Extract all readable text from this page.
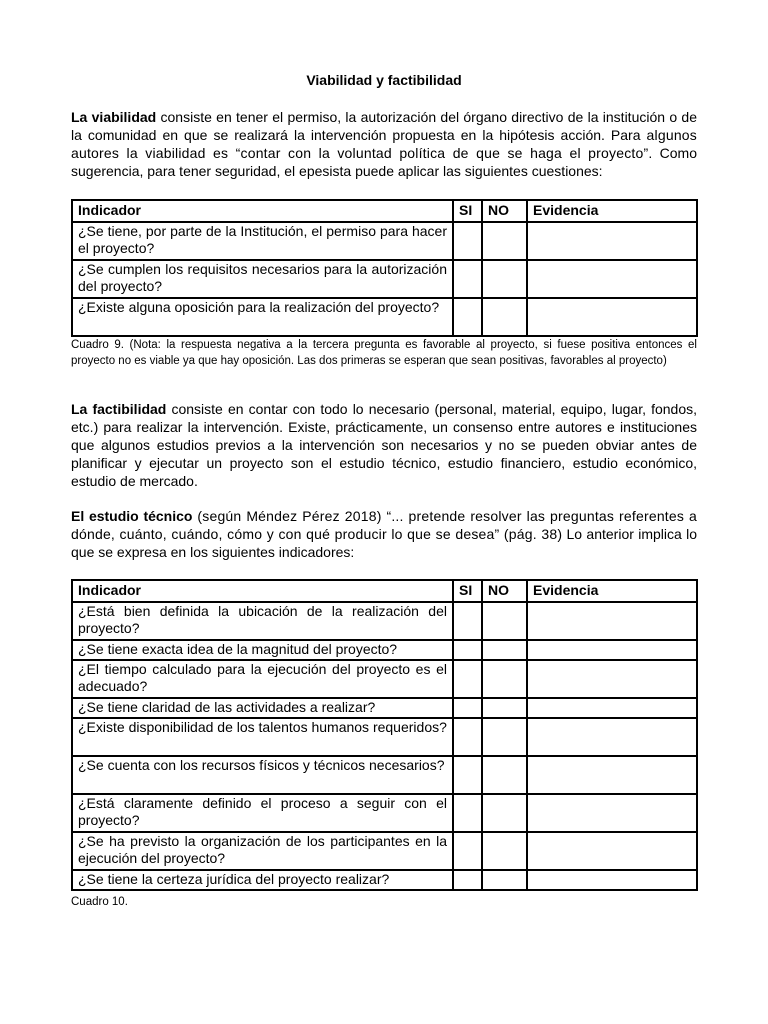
Viabilidad y factibilidad

La viabilidad consiste en tener el permiso, la autorización del órgano directivo de la institución o de la comunidad en que se realizará la intervención propuesta en la hipótesis acción. Para algunos autores la viabilidad es “contar con la voluntad política de que se haga el proyecto”. Como sugerencia, para tener seguridad, el epesista puede aplicar las siguientes cuestiones:

Indicador	SI	NO	Evidencia
¿Se tiene, por parte de la Institución, el permiso para hacer el proyecto?			
¿Se cumplen los requisitos necesarios para la autorización del proyecto?			
¿Existe alguna oposición para la realización del proyecto?			
Cuadro 9. (Nota: la respuesta negativa a la tercera pregunta es favorable al proyecto, si fuese positiva entonces el proyecto no es viable ya que hay oposición. Las dos primeras se esperan que sean positivas, favorables al proyecto)

La factibilidad consiste en contar con todo lo necesario (personal, material, equipo, lugar, fondos, etc.) para realizar la intervención. Existe, prácticamente, un consenso entre autores e instituciones que algunos estudios previos a la intervención son necesarios y no se pueden obviar antes de planificar y ejecutar un proyecto son el estudio técnico, estudio financiero, estudio económico, estudio de mercado.

El estudio técnico (según Méndez Pérez 2018) “... pretende resolver las preguntas referentes a dónde, cuánto, cuándo, cómo y con qué producir lo que se desea” (pág. 38) Lo anterior implica lo que se expresa en los siguientes indicadores:

Indicador	SI	NO	Evidencia
¿Está bien definida la ubicación de la realización del proyecto?			
¿Se tiene exacta idea de la magnitud del proyecto?			
¿El tiempo calculado para la ejecución del proyecto es el adecuado?			
¿Se tiene claridad de las actividades a realizar?			
¿Existe disponibilidad de los talentos humanos requeridos?			
¿Se cuenta con los recursos físicos y técnicos necesarios?			
¿Está claramente definido el proceso a seguir con el proyecto?			
¿Se ha previsto la organización de los participantes en la ejecución del proyecto?			
¿Se tiene la certeza jurídica del proyecto realizar?			
Cuadro 10.
